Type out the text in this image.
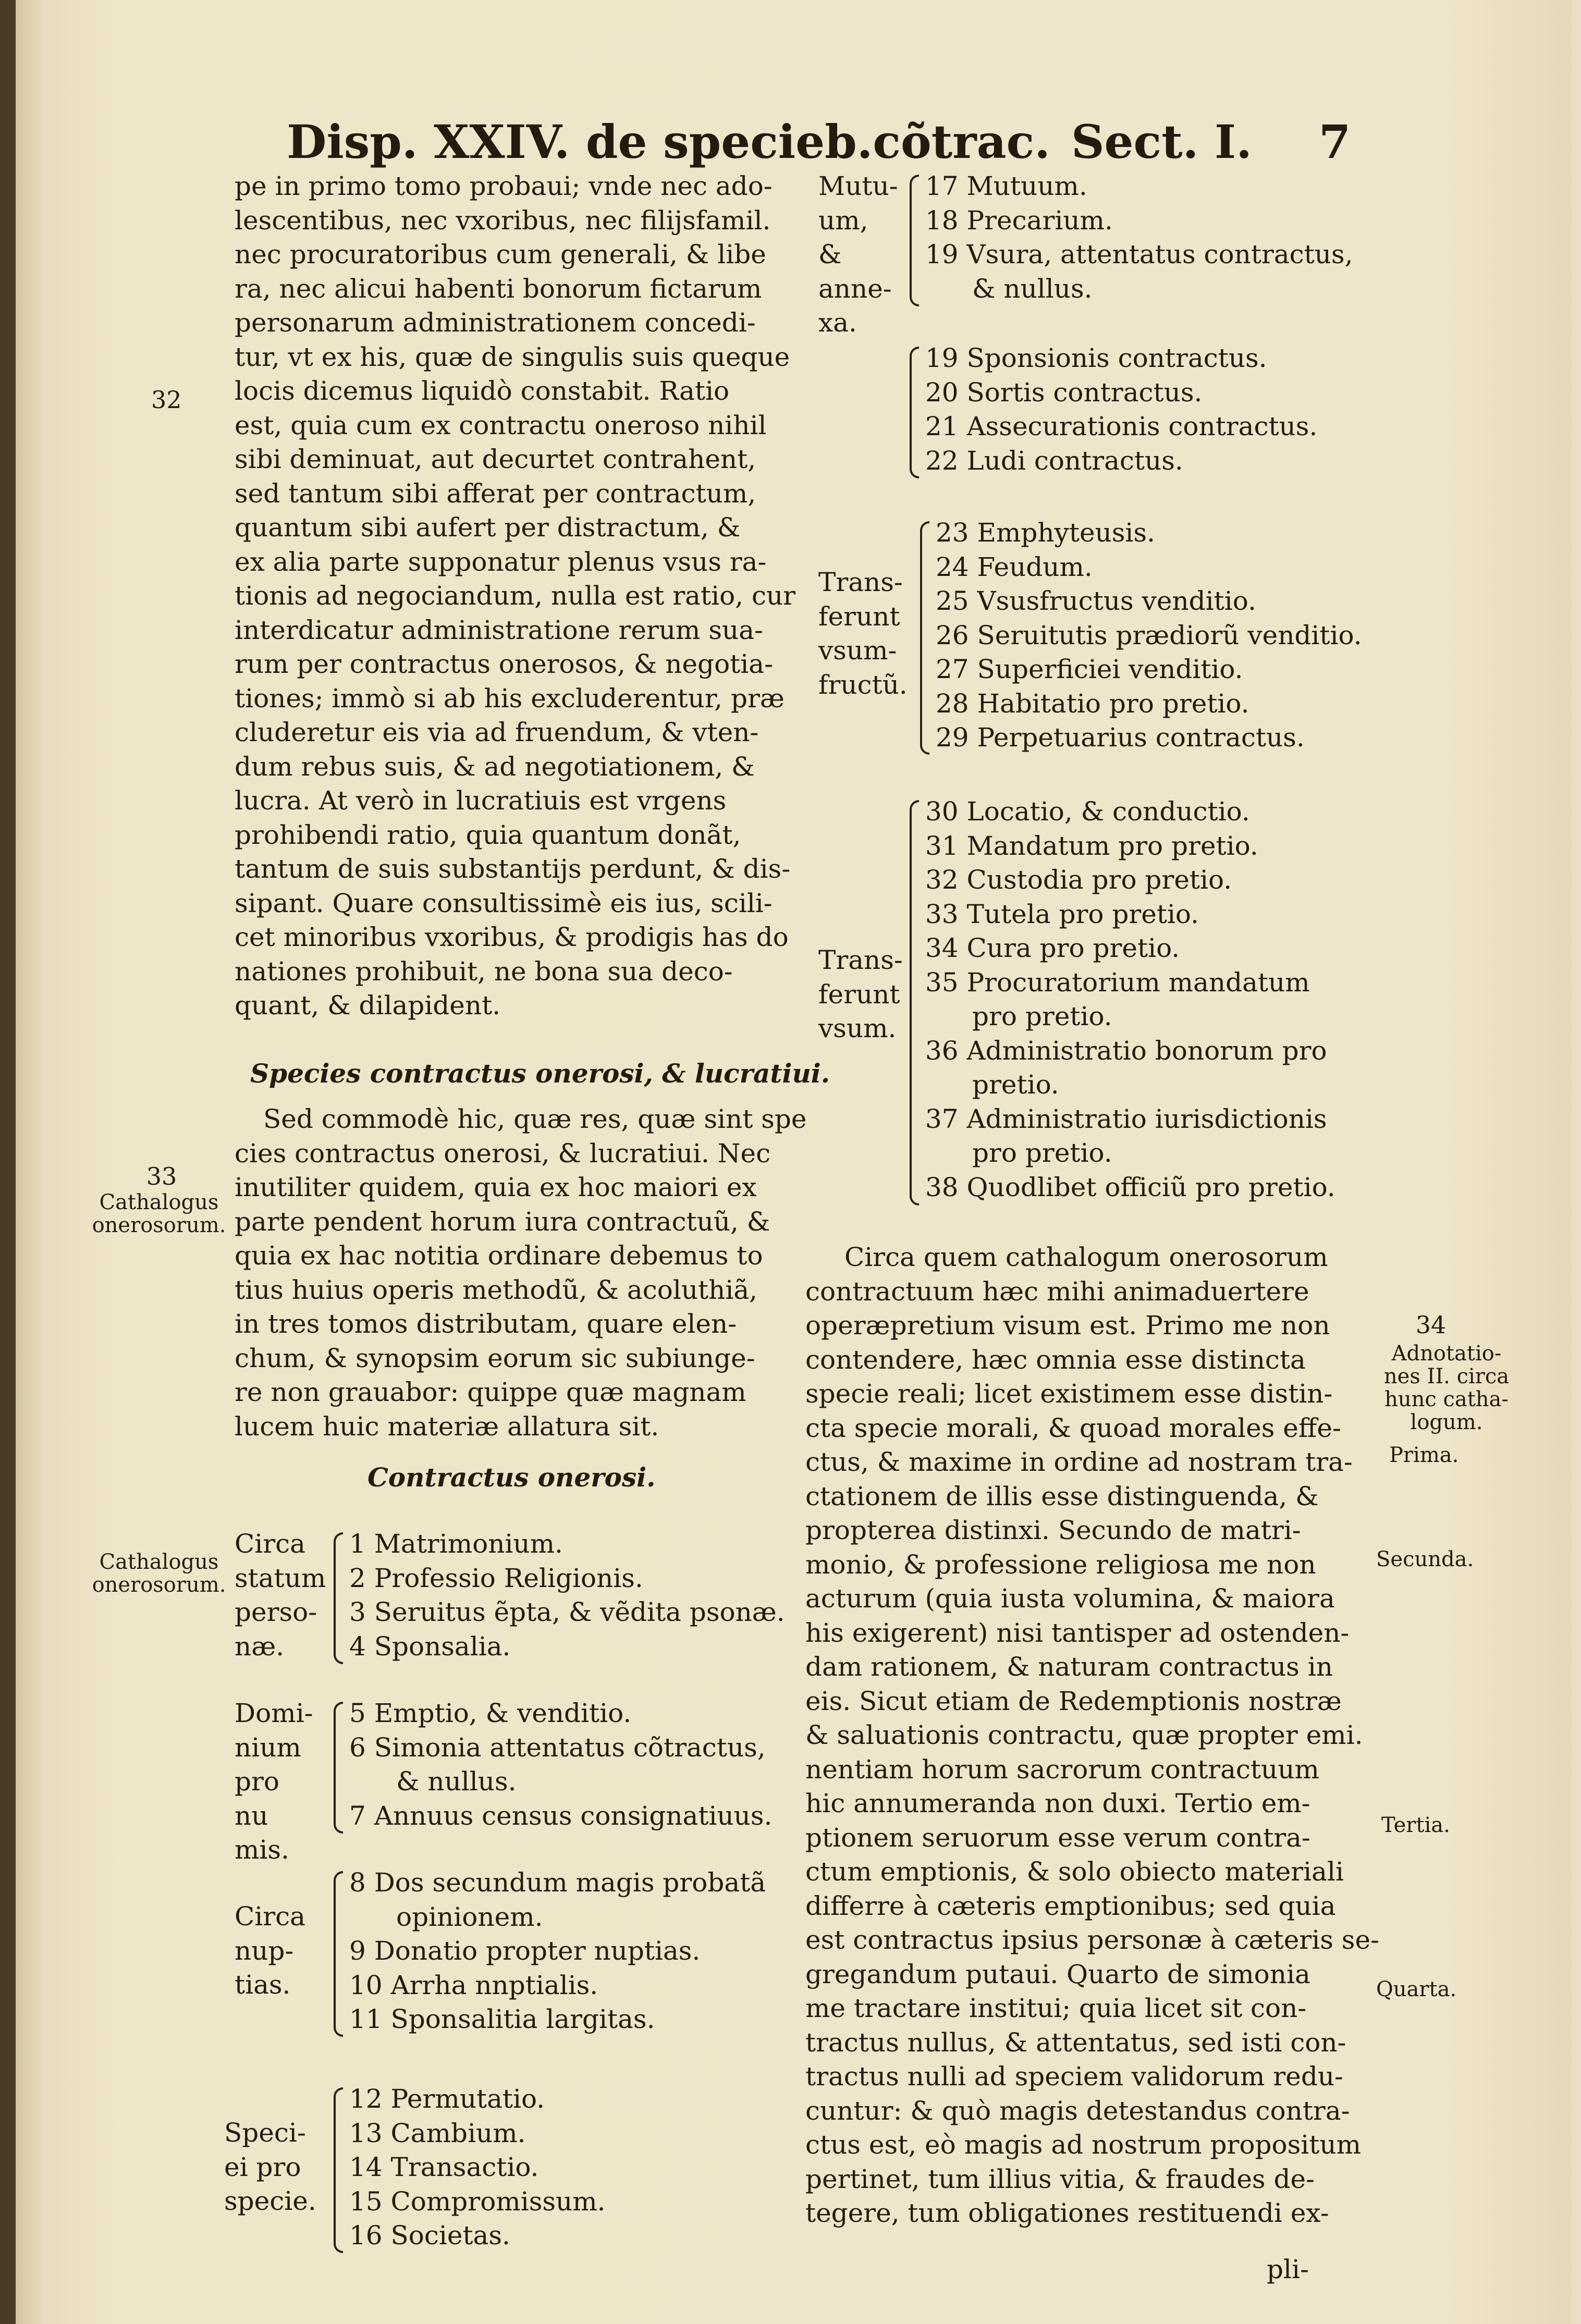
Disp. XXIV. de specieb.cõtrac. Sect. I. 7
pe in primo tomo probaui; vnde nec ado-
lescentibus, nec vxoribus, nec filijsfamil.
nec procuratoribus cum generali, & libe
ra, nec alicui habenti bonorum fictarum
personarum administrationem concedi-
tur, vt ex his, quæ de singulis suis queque
locis dicemus liquidò constabit. Ratio
est, quia cum ex contractu oneroso nihil
sibi deminuat, aut decurtet contrahent,
sed tantum sibi afferat per contractum,
quantum sibi aufert per distractum, &
ex alia parte supponatur plenus vsus ra-
tionis ad negociandum, nulla est ratio, cur
interdicatur administratione rerum sua-
rum per contractus onerosos, & negotia-
tiones; immò si ab his excluderentur, præ
cluderetur eis via ad fruendum, & vten-
dum rebus suis, & ad negotiationem, &
lucra. At verò in lucratiuis est vrgens
prohibendi ratio, quia quantum donãt,
tantum de suis substantijs perdunt, & dis-
sipant. Quare consultissimè eis ius, scili-
cet minoribus vxoribus, & prodigis has do
nationes prohibuit, ne bona sua deco-
quant, & dilapident.
Species contractus onerosi, & lucratiui.
Sed commodè hic, quæ res, quæ sint spe
cies contractus onerosi, & lucratiui. Nec
inutiliter quidem, quia ex hoc maiori ex
parte pendent horum iura contractuũ, &
quia ex hac notitia ordinare debemus to
tius huius operis methodũ, & acoluthiã,
in tres tomos distributam, quare elen-
chum, & synopsim eorum sic subiunge-
re non grauabor: quippe quæ magnam
lucem huic materiæ allatura sit.
Contractus onerosi.
32
33
Cathalogus
onerosorum.
Cathalogus
onerosorum.
Circa
statum
perso-
næ.
1 Matrimonium.
2 Professio Religionis.
3 Seruitus ẽpta, & vẽdita psonæ.
4 Sponsalia.
Domi-
nium
pro nu
mis.
5 Emptio, & venditio.
6 Simonia attentatus cõtractus,
& nullus.
7 Annuus census consignatiuus.
Circa
nup-
tias.
8 Dos secundum magis probatã
opinionem.
9 Donatio propter nuptias.
10 Arrha nnptialis.
11 Sponsalitia largitas.
Speci-
ei pro
specie.
12 Permutatio.
13 Cambium.
14 Transactio.
15 Compromissum.
16 Societas.
Mutu-
um, &
anne-
xa.
17 Mutuum.
18 Precarium.
19 Vsura, attentatus contractus,
& nullus.
19 Sponsionis contractus.
20 Sortis contractus.
21 Assecurationis contractus.
22 Ludi contractus.
Trans-
ferunt
vsum-
fructũ.
23 Emphyteusis.
24 Feudum.
25 Vsusfructus venditio.
26 Seruitutis prædiorũ venditio.
27 Superficiei venditio.
28 Habitatio pro pretio.
29 Perpetuarius contractus.
Trans-
ferunt
vsum.
30 Locatio, & conductio.
31 Mandatum pro pretio.
32 Custodia pro pretio.
33 Tutela pro pretio.
34 Cura pro pretio.
35 Procuratorium mandatum
pro pretio.
36 Administratio bonorum pro
pretio.
37 Administratio iurisdictionis
pro pretio.
38 Quodlibet officiũ pro pretio.
Circa quem cathalogum onerosorum
contractuum hæc mihi animaduertere
operæpretium visum est. Primo me non
contendere, hæc omnia esse distincta
specie reali; licet existimem esse distin-
cta specie morali, & quoad morales effe-
ctus, & maxime in ordine ad nostram tra-
ctationem de illis esse distinguenda, &
propterea distinxi. Secundo de matri-
monio, & professione religiosa me non
acturum (quia iusta volumina, & maiora
his exigerent) nisi tantisper ad ostenden-
dam rationem, & naturam contractus in
eis. Sicut etiam de Redemptionis nostræ
& saluationis contractu, quæ propter emi.
nentiam horum sacrorum contractuum
hic annumeranda non duxi. Tertio em-
ptionem seruorum esse verum contra-
ctum emptionis, & solo obiecto materiali
differre à cæteris emptionibus; sed quia
est contractus ipsius personæ à cæteris se-
gregandum putaui. Quarto de simonia
me tractare institui; quia licet sit con-
tractus nullus, & attentatus, sed isti con-
tractus nulli ad speciem validorum redu-
cuntur: & quò magis detestandus contra-
ctus est, eò magis ad nostrum propositum
pertinet, tum illius vitia, & fraudes de-
tegere, tum obligationes restituendi ex-
pli-
34
Adnotatio-
nes II. circa
hunc catha-
logum.
Prima.
Secunda.
Tertia.
Quarta.
